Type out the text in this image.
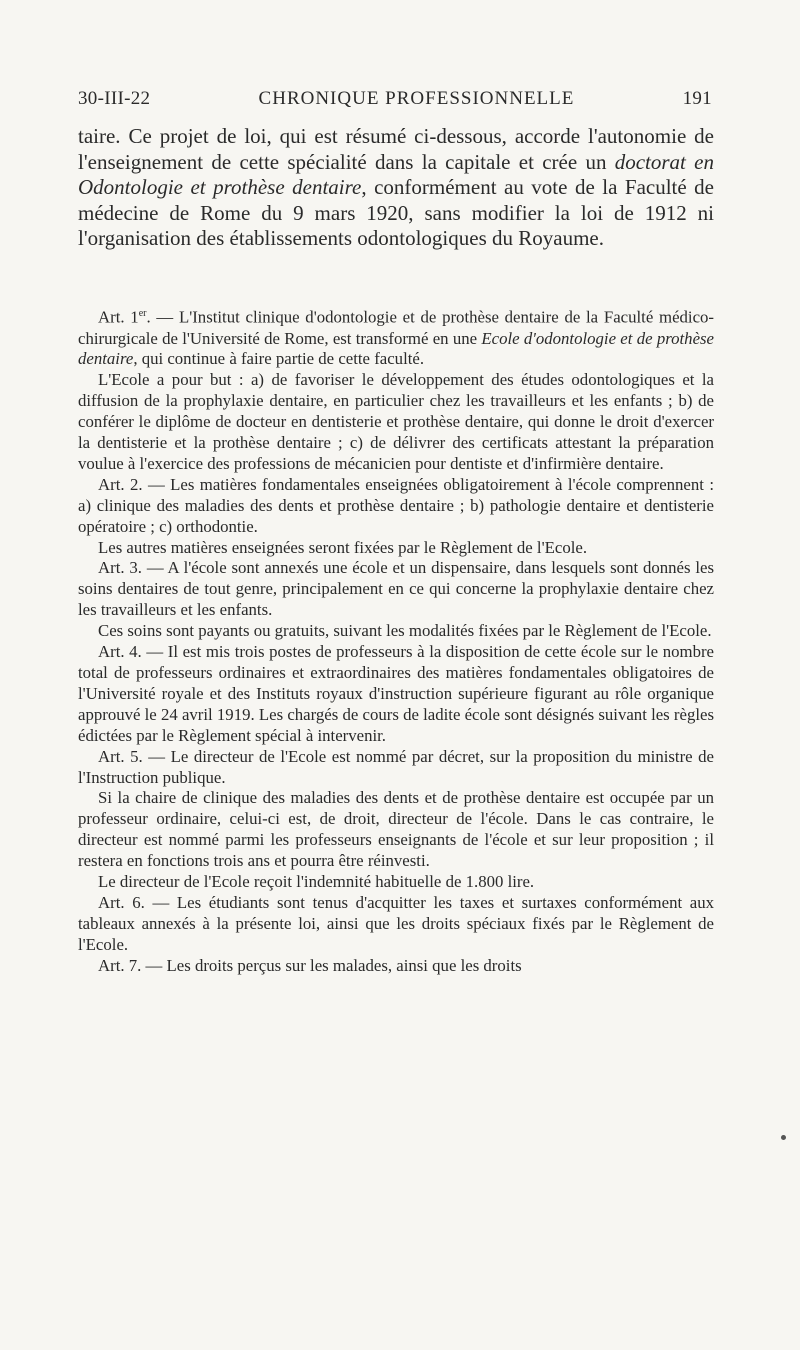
30-III-22	CHRONIQUE PROFESSIONNELLE	191

taire. Ce projet de loi, qui est résumé ci-dessous, accorde l'autonomie de l'enseignement de cette spécialité dans la capitale et crée un doctorat en Odontologie et prothèse dentaire, conformément au vote de la Faculté de médecine de Rome du 9 mars 1920, sans modifier la loi de 1912 ni l'organisation des établissements odontologiques du Royaume.

Art. 1er. — L'Institut clinique d'odontologie et de prothèse dentaire de la Faculté médico-chirurgicale de l'Université de Rome, est transformé en une Ecole d'odontologie et de prothèse dentaire, qui continue à faire partie de cette faculté.

L'Ecole a pour but : a) de favoriser le développement des études odontologiques et la diffusion de la prophylaxie dentaire, en particulier chez les travailleurs et les enfants ; b) de conférer le diplôme de docteur en dentisterie et prothèse dentaire, qui donne le droit d'exercer la dentisterie et la prothèse dentaire ; c) de délivrer des certificats attestant la préparation voulue à l'exercice des professions de mécanicien pour dentiste et d'infirmière dentaire.

Art. 2. — Les matières fondamentales enseignées obligatoirement à l'école comprennent : a) clinique des maladies des dents et prothèse dentaire ; b) pathologie dentaire et dentisterie opératoire ; c) orthodontie.

Les autres matières enseignées seront fixées par le Règlement de l'Ecole.

Art. 3. — A l'école sont annexés une école et un dispensaire, dans lesquels sont donnés les soins dentaires de tout genre, principalement en ce qui concerne la prophylaxie dentaire chez les travailleurs et les enfants.

Ces soins sont payants ou gratuits, suivant les modalités fixées par le Règlement de l'Ecole.

Art. 4. — Il est mis trois postes de professeurs à la disposition de cette école sur le nombre total de professeurs ordinaires et extraordinaires des matières fondamentales obligatoires de l'Université royale et des Instituts royaux d'instruction supérieure figurant au rôle organique approuvé le 24 avril 1919. Les chargés de cours de ladite école sont désignés suivant les règles édictées par le Règlement spécial à intervenir.

Art. 5. — Le directeur de l'Ecole est nommé par décret, sur la proposition du ministre de l'Instruction publique.

Si la chaire de clinique des maladies des dents et de prothèse dentaire est occupée par un professeur ordinaire, celui-ci est, de droit, directeur de l'école. Dans le cas contraire, le directeur est nommé parmi les professeurs enseignants de l'école et sur leur proposition ; il restera en fonctions trois ans et pourra être réinvesti.

Le directeur de l'Ecole reçoit l'indemnité habituelle de 1.800 lire.

Art. 6. — Les étudiants sont tenus d'acquitter les taxes et surtaxes conformément aux tableaux annexés à la présente loi, ainsi que les droits spéciaux fixés par le Règlement de l'Ecole.

Art. 7. — Les droits perçus sur les malades, ainsi que les droits
